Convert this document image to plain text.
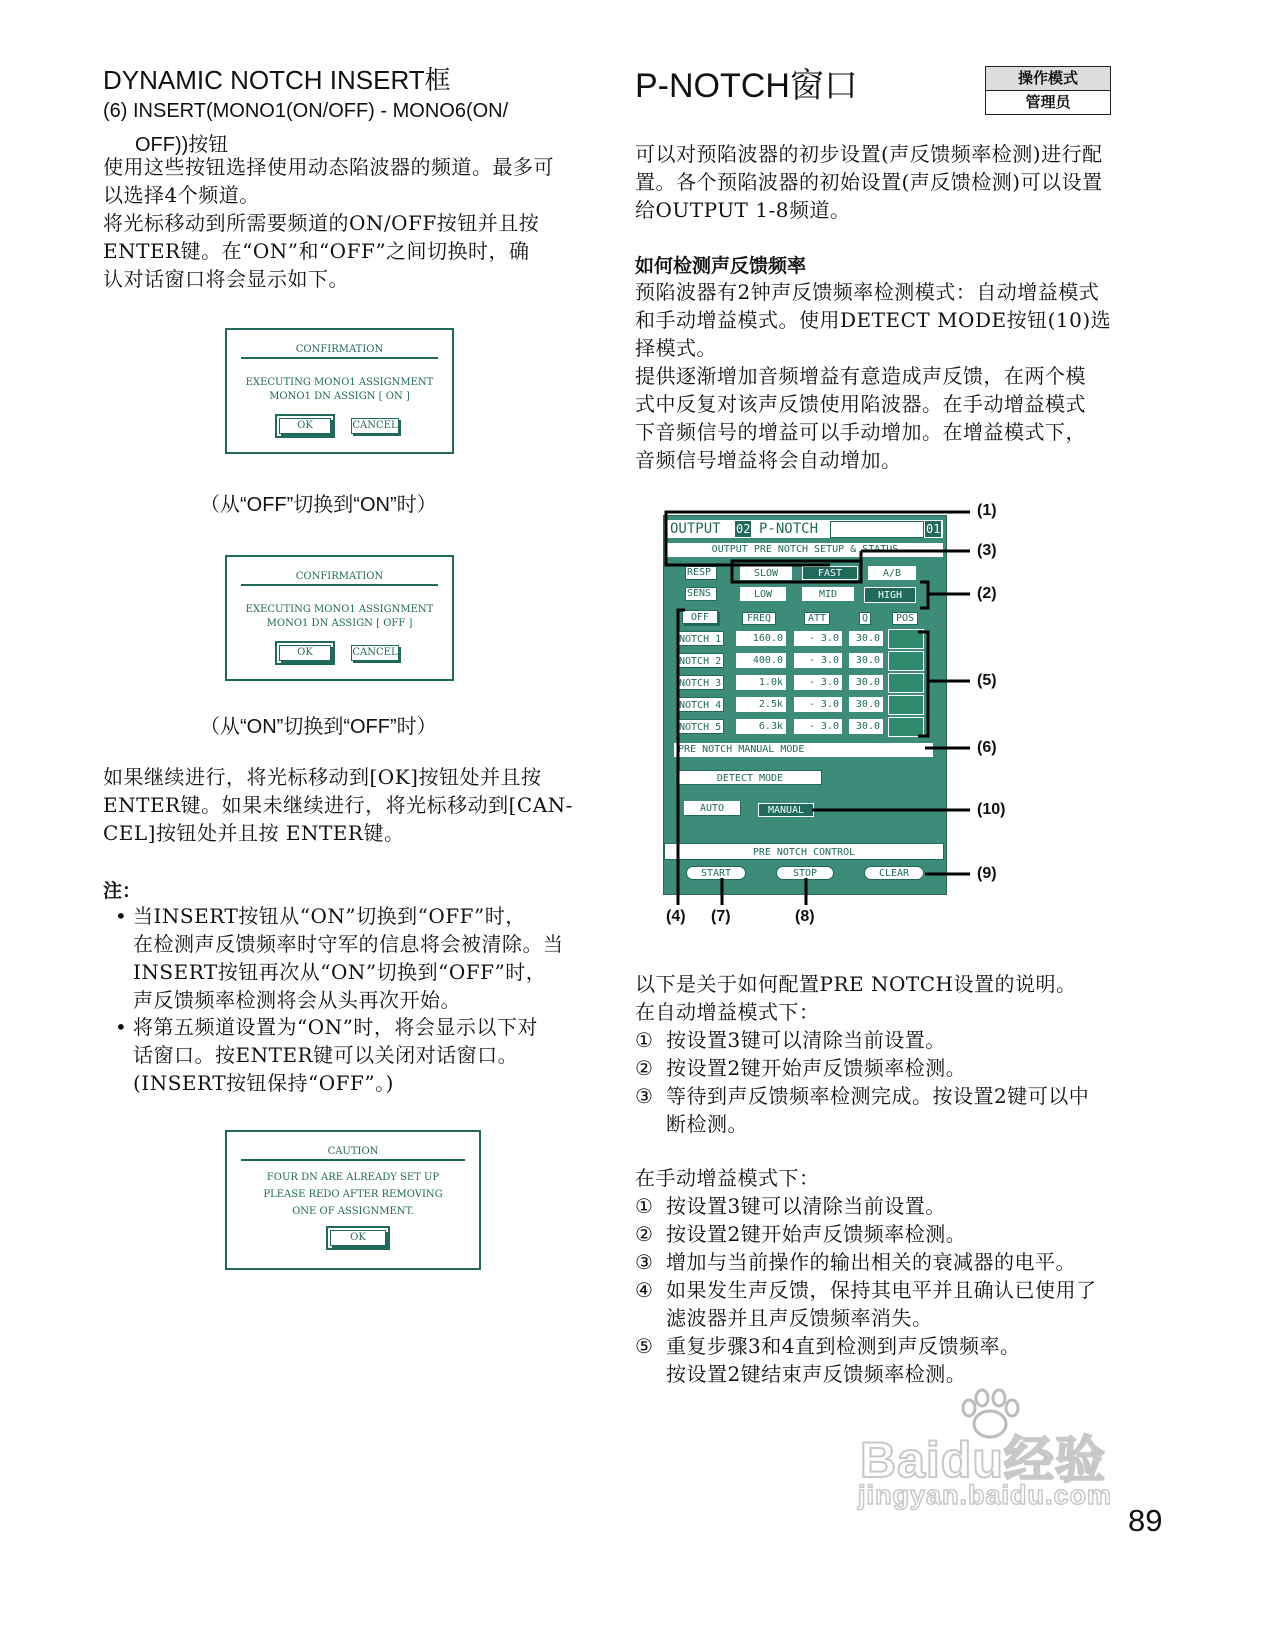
DYNAMIC NOTCH INSERT框
(6) INSERT(MONO1(ON/OFF) - MONO6(ON/
OFF))按钮
使用这些按钮选择使用动态陷波器的频道。最多可
以选择4个频道。
将光标移动到所需要频道的ON/OFF按钮并且按
ENTER键。在“ON”和“OFF”之间切换时，确
认对话窗口将会显示如下。
CONFIRMATION
EXECUTING MONO1 ASSIGNMENT
MONO1 DN ASSIGN [ ON ]
OK	CANCEL
（从“OFF”切换到“ON”时）
CONFIRMATION
EXECUTING MONO1 ASSIGNMENT
MONO1 DN ASSIGN [ OFF ]
OK	CANCEL
（从“ON”切换到“OFF”时）
如果继续进行，将光标移动到[OK]按钮处并且按
ENTER键。如果未继续进行，将光标移动到[CAN-
CEL]按钮处并且按 ENTER键。
注：
• 当INSERT按钮从“ON”切换到“OFF”时，
在检测声反馈频率时守军的信息将会被清除。当
INSERT按钮再次从“ON”切换到“OFF”时，
声反馈频率检测将会从头再次开始。
• 将第五频道设置为“ON”时，将会显示以下对
话窗口。按ENTER键可以关闭对话窗口。
(INSERT按钮保持“OFF”。)
CAUTION
FOUR DN ARE ALREADY SET UP
PLEASE REDO AFTER REMOVING
ONE OF ASSIGNMENT.
OK
P-NOTCH窗口	操作模式
管理员
可以对预陷波器的初步设置(声反馈频率检测)进行配
置。各个预陷波器的初始设置(声反馈检测)可以设置
给OUTPUT 1-8频道。
如何检测声反馈频率
预陷波器有2钟声反馈频率检测模式：自动增益模式
和手动增益模式。使用DETECT MODE按钮(10)选
择模式。
提供逐渐增加音频增益有意造成声反馈，在两个模
式中反复对该声反馈使用陷波器。在手动增益模式
下音频信号的增益可以手动增加。在增益模式下，
音频信号增益将会自动增加。
OUTPUT 02 P-NOTCH	01
OUTPUT PRE NOTCH SETUP & STATUS
RESP	SLOW	FAST	A/B
SENS	LOW	MID	HIGH
OFF	FREQ	ATT	Q	POS
NOTCH 1	160.0	- 3.0	30.0
NOTCH 2	400.0	- 3.0	30.0
NOTCH 3	1.0k	- 3.0	30.0
NOTCH 4	2.5k	- 3.0	30.0
NOTCH 5	6.3k	- 3.0	30.0
PRE NOTCH MANUAL MODE
DETECT MODE
AUTO	MANUAL
PRE NOTCH CONTROL
START	STOP	CLEAR
(1)
(3)
(2)
(5)
(6)
(10)
(9)
(4) (7)	(8)
以下是关于如何配置PRE NOTCH设置的说明。
在自动增益模式下：
① 按设置3键可以清除当前设置。
② 按设置2键开始声反馈频率检测。
③ 等待到声反馈频率检测完成。按设置2键可以中
断检测。
在手动增益模式下：
① 按设置3键可以清除当前设置。
② 按设置2键开始声反馈频率检测。
③ 增加与当前操作的输出相关的衰减器的电平。
④ 如果发生声反馈，保持其电平并且确认已使用了
滤波器并且声反馈频率消失。
⑤ 重复步骤3和4直到检测到声反馈频率。
按设置2键结束声反馈频率检测。
Baidu经验
jingyan.baidu.com
89
